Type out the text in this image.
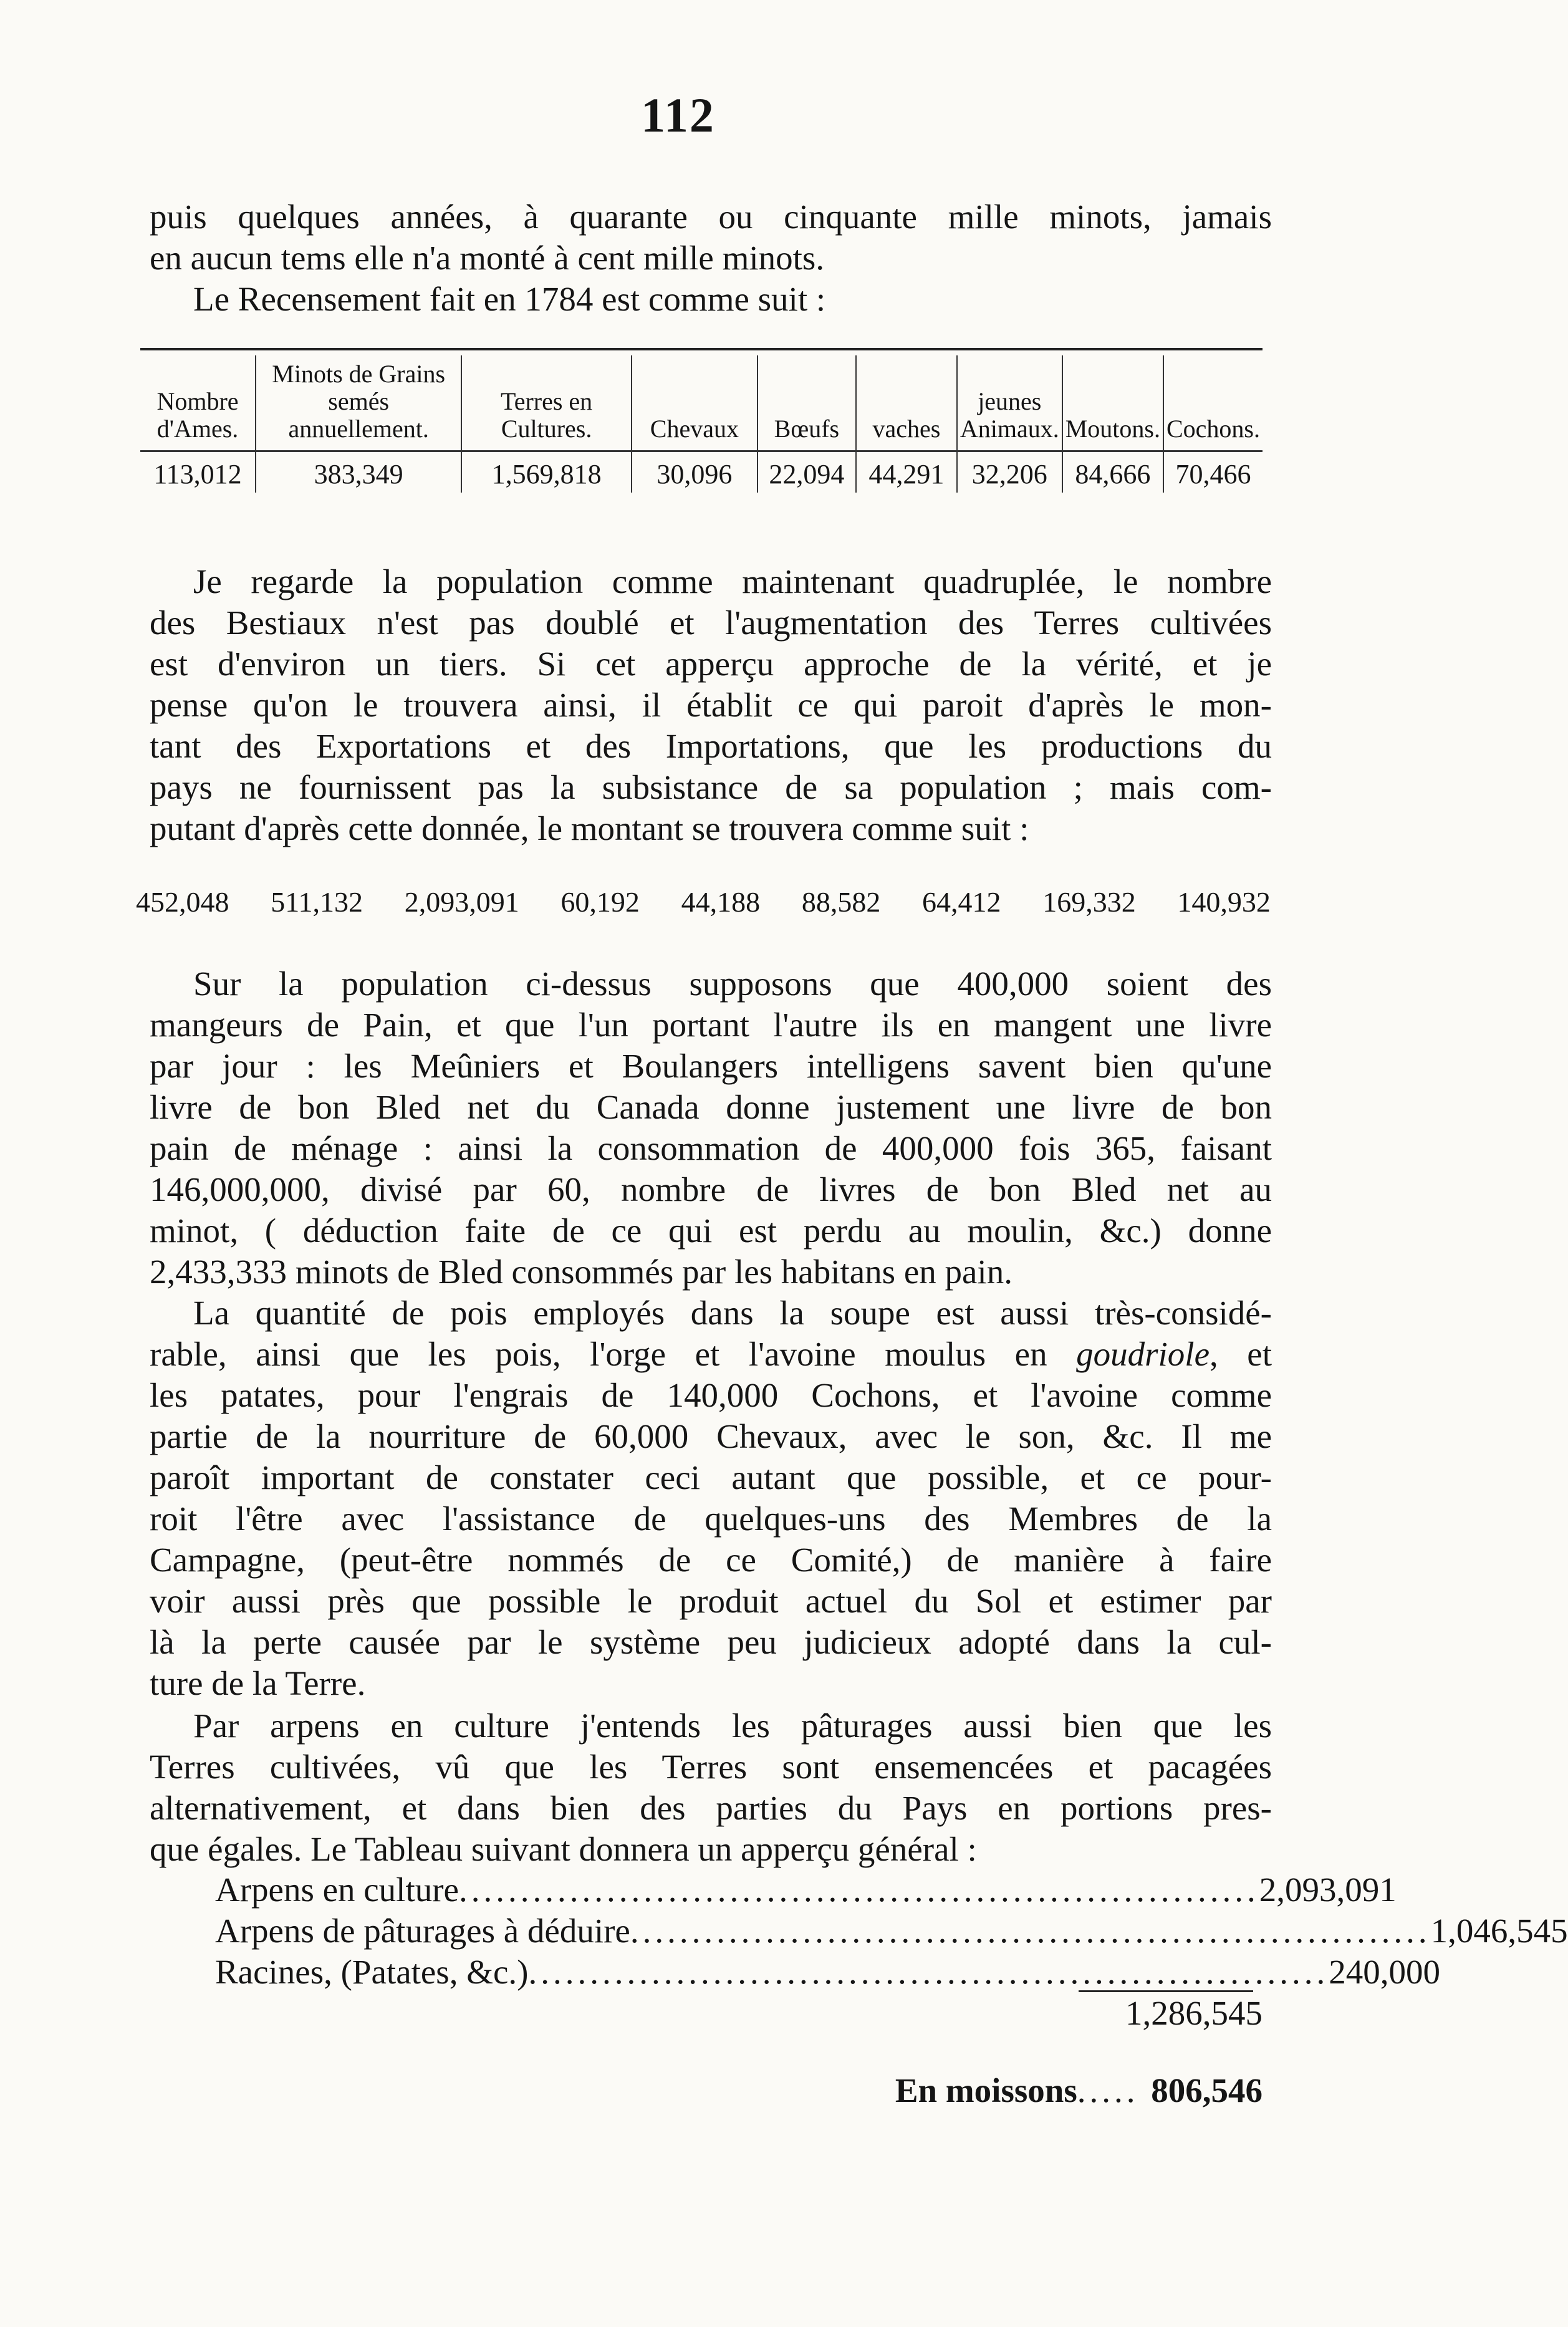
112
puis quelques années, à quarante ou cinquante mille minots, jamais
en aucun tems elle n'a monté à cent mille minots.
Le Recensement fait en 1784 est comme suit :
Nombre d'Ames.	Minots de Grains semés annuellement.	Terres en Cultures.	Chevaux	Bœufs	vaches	jeunes Animaux.	Moutons.	Cochons.
113,012	383,349	1,569,818	30,096	22,094	44,291	32,206	84,666	70,466
Je regarde la population comme maintenant quadruplée, le nombre
des Bestiaux n'est pas doublé et l'augmentation des Terres cultivées
est d'environ un tiers. Si cet apperçu approche de la vérité, et je
pense qu'on le trouvera ainsi, il établit ce qui paroit d'après le mon-
tant des Exportations et des Importations, que les productions du
pays ne fournissent pas la subsistance de sa population ; mais com-
putant d'après cette donnée, le montant se trouvera comme suit :
452,048 511,132 2,093,091 60,192 44,188 88,582 64,412 169,332 140,932
Sur la population ci-dessus supposons que 400,000 soient des
mangeurs de Pain, et que l'un portant l'autre ils en mangent une livre
par jour : les Meûniers et Boulangers intelligens savent bien qu'une
livre de bon Bled net du Canada donne justement une livre de bon
pain de ménage : ainsi la consommation de 400,000 fois 365, faisant
146,000,000, divisé par 60, nombre de livres de bon Bled net au
minot, ( déduction faite de ce qui est perdu au moulin, &c.) donne
2,433,333 minots de Bled consommés par les habitans en pain.
La quantité de pois employés dans la soupe est aussi très-considé-
rable, ainsi que les pois, l'orge et l'avoine moulus en goudriole, et
les patates, pour l'engrais de 140,000 Cochons, et l'avoine comme
partie de la nourriture de 60,000 Chevaux, avec le son, &c. Il me
paroît important de constater ceci autant que possible, et ce pour-
roit l'être avec l'assistance de quelques-uns des Membres de la
Campagne, (peut-être nommés de ce Comité,) de manière à faire
voir aussi près que possible le produit actuel du Sol et estimer par
là la perte causée par le système peu judicieux adopté dans la cul-
ture de la Terre.
Par arpens en culture j'entends les pâturages aussi bien que les
Terres cultivées, vû que les Terres sont ensemencées et pacagées
alternativement, et dans bien des parties du Pays en portions pres-
que égales. Le Tableau suivant donnera un apperçu général :
Arpens en culture ................................................................. 2,093,091
Arpens de pâturages à déduire ................................................................. 1,046,545
Racines, (Patates, &c.) ................................................................. 240,000
1,286,545
En moissons ..... 806,546
